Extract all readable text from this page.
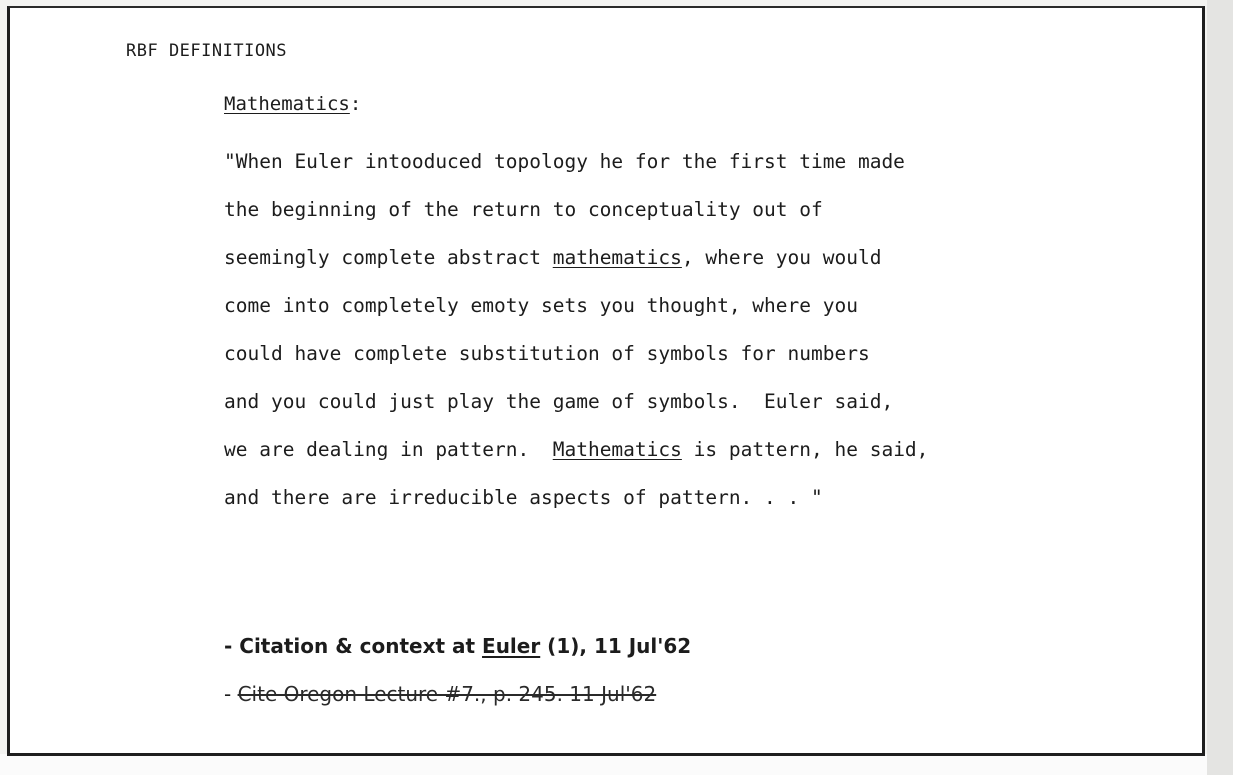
RBF DEFINITIONS
Mathematics:
"When Euler intooduced topology he for the first time made
the beginning of the return to conceptuality out of
seemingly complete abstract mathematics, where you would
come into completely emoty sets you thought, where you
could have complete substitution of symbols for numbers
and you could just play the game of symbols.  Euler said,
we are dealing in pattern.  Mathematics is pattern, he said,
and there are irreducible aspects of pattern. . . "
- Citation & context at Euler (1), 11 Jul'62
- Cite Oregon Lecture #7., p. 245. 11 Jul'62
